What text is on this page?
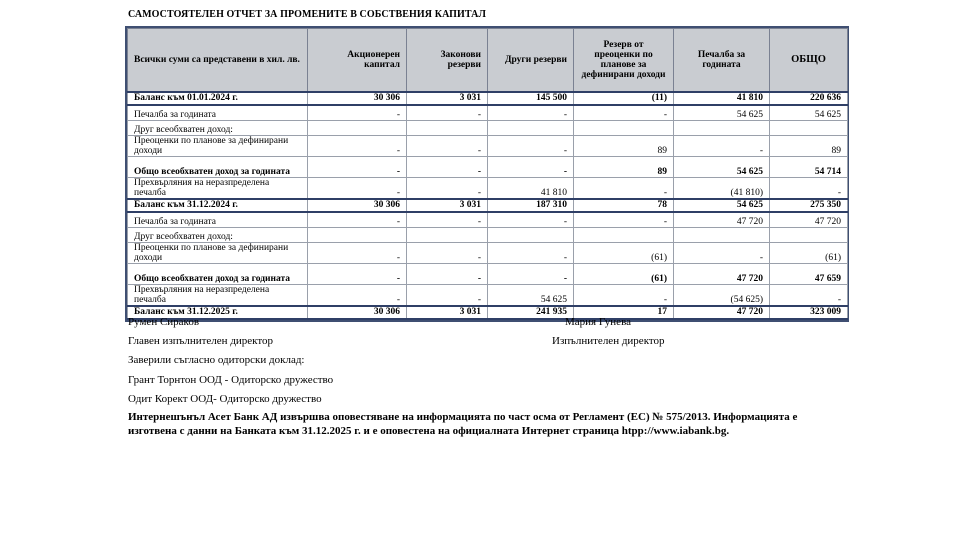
САМОСТОЯТЕЛЕН ОТЧЕТ ЗА ПРОМЕНИТЕ В СОБСТВЕНИЯ КАПИТАЛ
Всички суми са представени в хил. лв.	Акционерен капитал	Законови резерви	Други резерви	Резерв от преоценки по планове за дефинирани доходи	Печалба за годината	ОБЩО
Баланс към 01.01.2024 г.	30 306	3 031	145 500	(11)	41 810	220 636
Печалба за годината	-	-	-	-	54 625	54 625
Друг всеобхватен доход:						
Преоценки по планове за дефинирани доходи	-	-	-	89	-	89
Общо всеобхватен доход за годината	-	-	-	89	54 625	54 714
Прехвърляния на неразпределена печалба	-	-	41 810	-	(41 810)	-
Баланс към 31.12.2024 г.	30 306	3 031	187 310	78	54 625	275 350
Печалба за годината	-	-	-	-	47 720	47 720
Друг всеобхватен доход:						
Преоценки по планове за дефинирани доходи	-	-	-	(61)	-	(61)
Общо всеобхватен доход за годината	-	-	-	(61)	47 720	47 659
Прехвърляния на неразпределена печалба	-	-	54 625	-	(54 625)	-
Баланс към 31.12.2025 г.	30 306	3 031	241 935	17	47 720	323 009
Румен Сираков	Мария Гунева
Главен изпълнителен директор	Изпълнителен директор
Заверили съгласно одиторски доклад:
Грант Торнтон ООД - Одиторско дружество
Одит Корект ООД- Одиторско дружество
Интернешънъл Асет Банк АД извършва оповестяване на информацията по част осма от Регламент (ЕС) № 575/2013. Информацията е изготвена с данни на Банката към 31.12.2025 г. и е оповестена на официалната Интернет страница htpp://www.iabank.bg.
